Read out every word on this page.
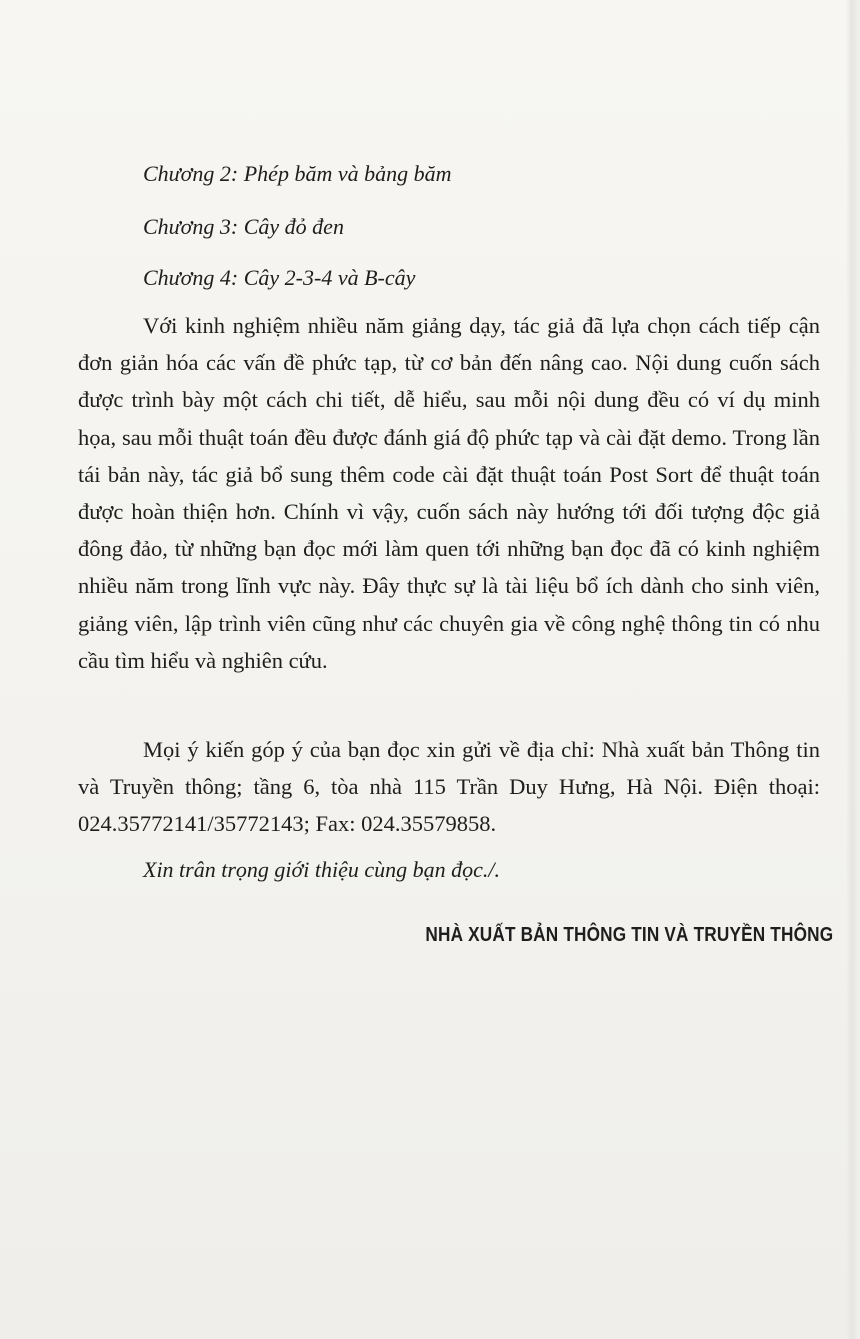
Chương 2: Phép băm và bảng băm
Chương 3: Cây đỏ đen
Chương 4: Cây 2-3-4 và B-cây

Với kinh nghiệm nhiều năm giảng dạy, tác giả đã lựa chọn cách tiếp cận đơn giản hóa các vấn đề phức tạp, từ cơ bản đến nâng cao. Nội dung cuốn sách được trình bày một cách chi tiết, dễ hiểu, sau mỗi nội dung đều có ví dụ minh họa, sau mỗi thuật toán đều được đánh giá độ phức tạp và cài đặt demo. Trong lần tái bản này, tác giả bổ sung thêm code cài đặt thuật toán Post Sort để thuật toán được hoàn thiện hơn. Chính vì vậy, cuốn sách này hướng tới đối tượng độc giả đông đảo, từ những bạn đọc mới làm quen tới những bạn đọc đã có kinh nghiệm nhiều năm trong lĩnh vực này. Đây thực sự là tài liệu bổ ích dành cho sinh viên, giảng viên, lập trình viên cũng như các chuyên gia về công nghệ thông tin có nhu cầu tìm hiểu và nghiên cứu.

Mọi ý kiến góp ý của bạn đọc xin gửi về địa chỉ: Nhà xuất bản Thông tin và Truyền thông; tầng 6, tòa nhà 115 Trần Duy Hưng, Hà Nội. Điện thoại: 024.35772141/35772143; Fax: 024.35579858.

Xin trân trọng giới thiệu cùng bạn đọc./.
NHÀ XUẤT BẢN THÔNG TIN VÀ TRUYỀN THÔNG
